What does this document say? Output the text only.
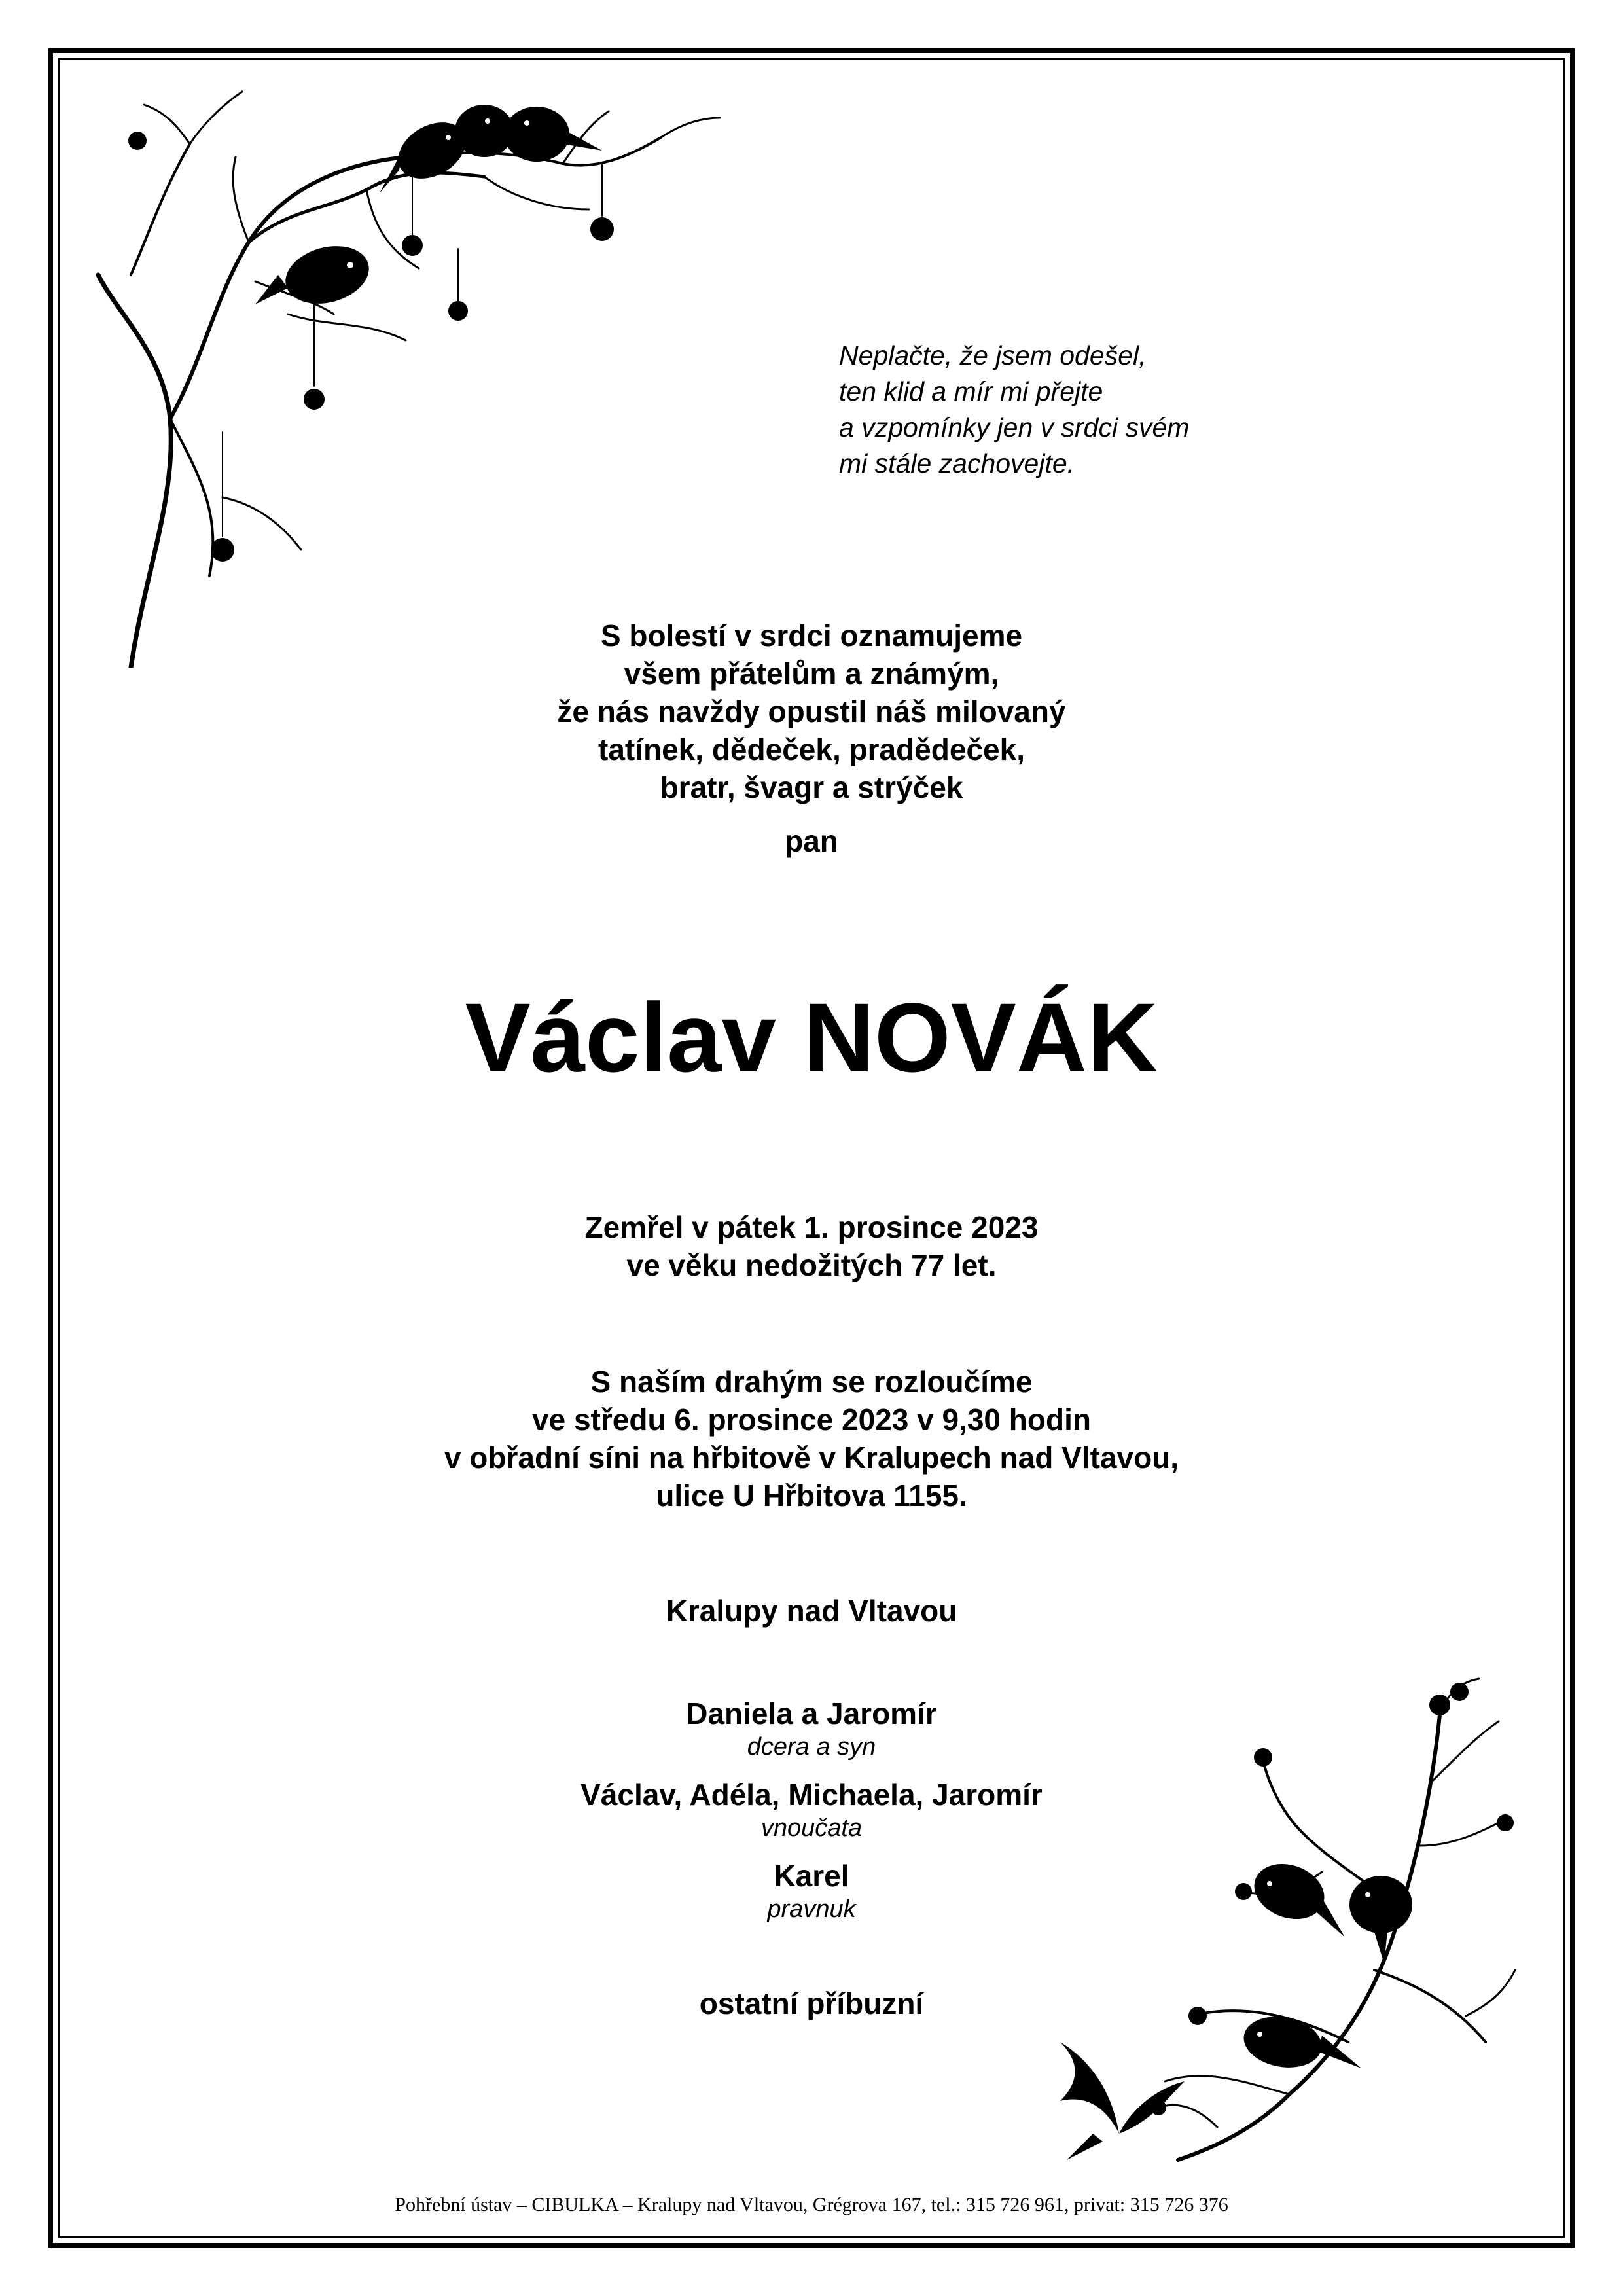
Neplačte, že jsem odešel,
ten klid a mír mi přejte
a vzpomínky jen v srdci svém
mi stále zachovejte.
S bolestí v srdci oznamujeme
všem přátelům a známým,
že nás navždy opustil náš milovaný
tatínek, dědeček, pradědeček,
bratr, švagr a strýček
pan
Václav NOVÁK
Zemřel v pátek 1. prosince 2023
ve věku nedožitých 77 let.
S naším drahým se rozloučíme
ve středu 6. prosince 2023 v 9,30 hodin
v obřadní síni na hřbitově v Kralupech nad Vltavou,
ulice U Hřbitova 1155.
Kralupy nad Vltavou
Daniela a Jaromír
dcera a syn
Václav, Adéla, Michaela, Jaromír
vnoučata
Karel
pravnuk
ostatní příbuzní
Pohřební ústav – CIBULKA – Kralupy nad Vltavou, Grégrova 167, tel.: 315 726 961, privat: 315 726 376
